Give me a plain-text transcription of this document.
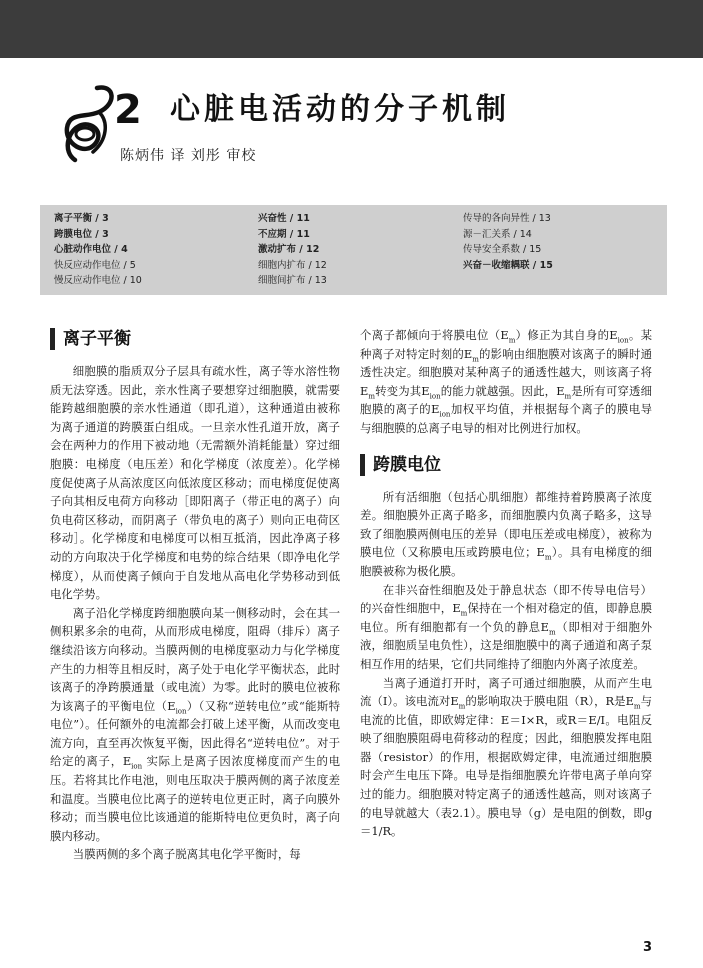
2 心脏电活动的分子机制
陈炳伟 译 刘彤 审校
离子平衡 / 3
跨膜电位 / 3
心脏动作电位 / 4
快反应动作电位 / 5
慢反应动作电位 / 10
兴奋性 / 11
不应期 / 11
激动扩布 / 12
细胞内扩布 / 12
细胞间扩布 / 13
传导的各向异性 / 13
源－汇关系 / 14
传导安全系数 / 15
兴奋－收缩耦联 / 15
离子平衡

细胞膜的脂质双分子层具有疏水性，离子等水溶性物质无法穿透。因此，亲水性离子要想穿过细胞膜，就需要能跨越细胞膜的亲水性通道（即孔道），这种通道由被称为离子通道的跨膜蛋白组成。一旦亲水性孔道开放，离子会在两种力的作用下被动地（无需额外消耗能量）穿过细胞膜：电梯度（电压差）和化学梯度（浓度差）。化学梯度促使离子从高浓度区向低浓度区移动；而电梯度促使离子向其相反电荷方向移动［即阳离子（带正电的离子）向负电荷区移动，而阴离子（带负电的离子）则向正电荷区移动］。化学梯度和电梯度可以相互抵消，因此净离子移动的方向取决于化学梯度和电势的综合结果（即净电化学梯度），从而使离子倾向于自发地从高电化学势移动到低电化学势。

离子沿化学梯度跨细胞膜向某一侧移动时，会在其一侧积累多余的电荷，从而形成电梯度，阻碍（排斥）离子继续沿该方向移动。当膜两侧的电梯度驱动力与化学梯度产生的力相等且相反时，离子处于电化学平衡状态，此时该离子的净跨膜通量（或电流）为零。此时的膜电位被称为该离子的平衡电位$(E_{ion})$（又称“逆转电位”或“能斯特电位”）。任何额外的电流都会打破上述平衡，从而改变电流方向，直至再次恢复平衡，因此得名“逆转电位”。对于给定的离子，$E_{ion}$ 实际上是离子因浓度梯度而产生的电压。若将其比作电池，则电压取决于膜两侧的离子浓度差和温度。当膜电位比离子的逆转电位更正时，离子向膜外移动；而当膜电位比该通道的能斯特电位更负时，离子向膜内移动。

当膜两侧的多个离子脱离其电化学平衡时，每

个离子都倾向于将膜电位$(E_m)$修正为其自身的$E_{ion}$。某种离子对特定时刻的$E_m$的影响由细胞膜对该离子的瞬时通透性决定。细胞膜对某种离子的通透性越大，则该离子将$E_m$转变为其$E_{ion}$的能力就越强。因此，$E_m$是所有可穿透细胞膜的离子的$E_{ion}$加权平均值，并根据每个离子的膜电导与细胞膜的总离子电导的相对比例进行加权。

跨膜电位

所有活细胞（包括心肌细胞）都维持着跨膜离子浓度差。细胞膜外正离子略多，而细胞膜内负离子略多，这导致了细胞膜两侧电压的差异（即电压差或电梯度），被称为膜电位（又称膜电压或跨膜电位；$E_m$）。具有电梯度的细胞膜被称为极化膜。

在非兴奋性细胞及处于静息状态（即不传导电信号）的兴奋性细胞中，$E_m$保持在一个相对稳定的值，即静息膜电位。所有细胞都有一个负的静息$E_m$（即相对于细胞外液，细胞质呈电负性），这是细胞膜中的离子通道和离子泵相互作用的结果，它们共同维持了细胞内外离子浓度差。

当离子通道打开时，离子可通过细胞膜，从而产生电流（I）。该电流对$E_m$的影响取决于膜电阻（R），R是$E_m$与电流的比值，即欧姆定律：E＝I×R，或R＝E/I。电阻反映了细胞膜阻碍电荷移动的程度；因此，细胞膜发挥电阻器（resistor）的作用，根据欧姆定律，电流通过细胞膜时会产生电压下降。电导是指细胞膜允许带电离子单向穿过的能力。细胞膜对特定离子的通透性越高，则对该离子的电导就越大（表2.1）。膜电导（g）是电阻的倒数，即g＝1/R。

3
